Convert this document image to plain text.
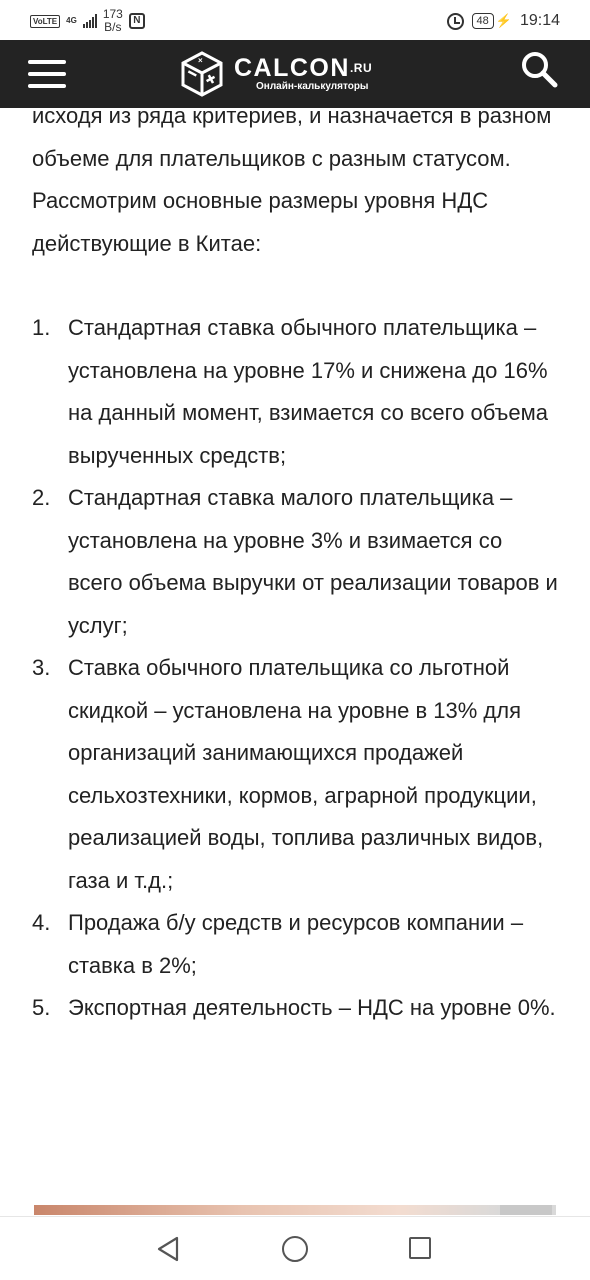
VoLTE	4G 173
B/s	N	48 ⚡ 19:14
× $CALCON^{.RU}$
Онлайн-калькуляторы

исходя из ряда критериев, и назначается в разном объеме для плательщиков с разным статусом. Рассмотрим основные размеры уровня НДС действующие в Китае:

1. Стандартная ставка обычного плательщика – установлена на уровне 17% и снижена до 16% на данный момент, взимается со всего объема вырученных средств;
2. Стандартная ставка малого плательщика – установлена на уровне 3% и взимается со всего объема выручки от реализации товаров и услуг;
3. Ставка обычного плательщика со льготной скидкой – установлена на уровне в 13% для организаций занимающихся продажей сельхозтехники, кормов, аграрной продукции, реализацией воды, топлива различных видов, газа и т.д.;
4. Продажа б/у средств и ресурсов компании – ставка в 2%;
5. Экспортная деятельность – НДС на уровне 0%.
